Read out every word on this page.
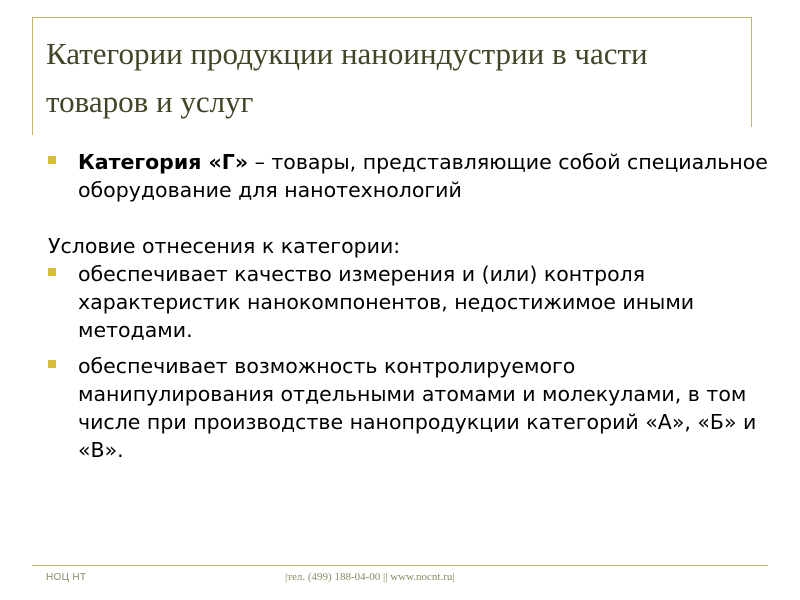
Категории продукции наноиндустрии в части товаров и услуг

Категория «Г» – товары, представляющие собой специальное оборудование для нанотехнологий

Условие отнесения к категории:

обеспечивает качество измерения и (или) контроля характеристик нанокомпонентов, недостижимое иными методами.

обеспечивает возможность контролируемого манипулирования отдельными атомами и молекулами, в том числе при производстве нанопродукции категорий «А», «Б» и «В».

НОЦ НТ	|тел. (499) 188-04-00 || www.nocnt.ru|
